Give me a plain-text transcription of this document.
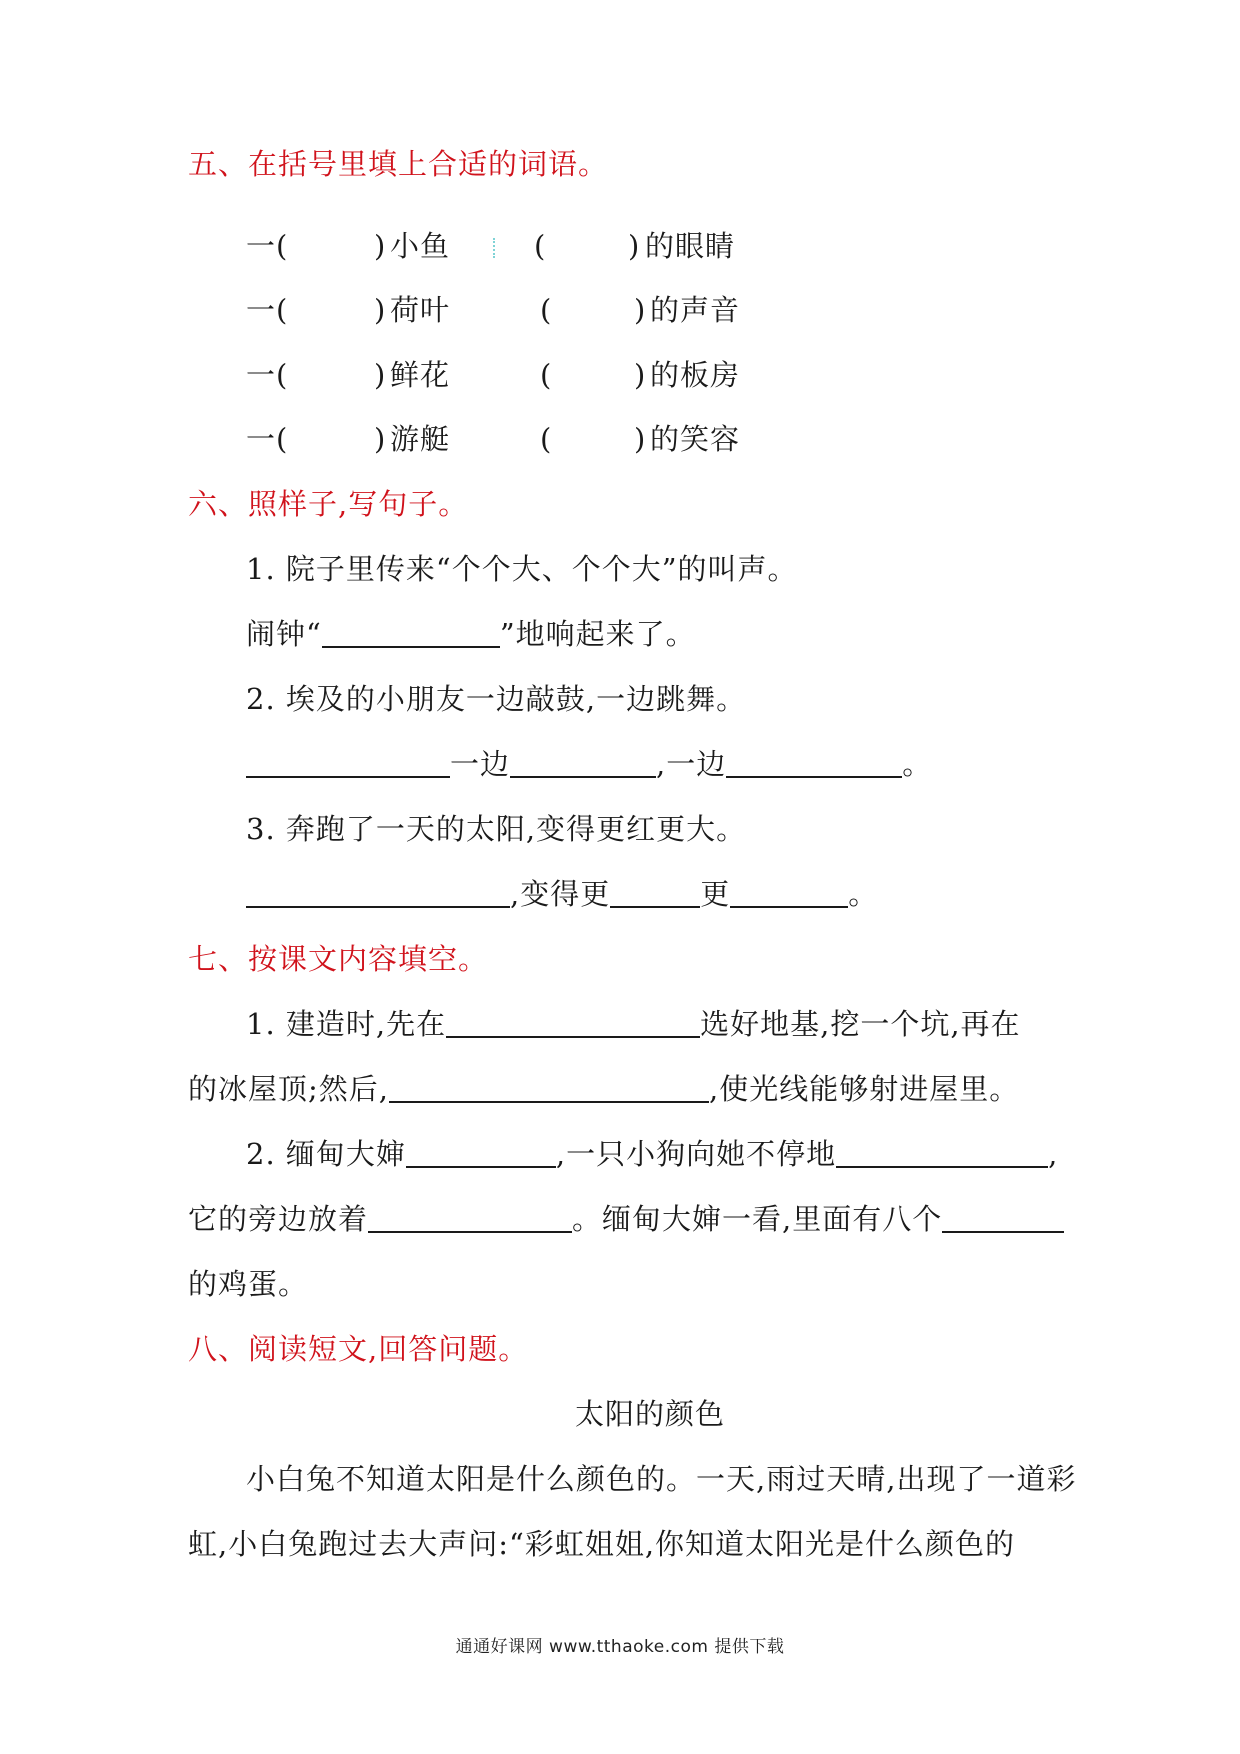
五、在括号里填上合适的词语。
一(	) 小鱼	(	) 的眼睛
一(	) 荷叶	(	) 的声音
一(	) 鲜花	(	) 的板房
一(	) 游艇	(	) 的笑容
六、照样子,写句子。
1. 院子里传来“个个大、个个大”的叫声。
闹钟“	”地响起来了。
2. 埃及的小朋友一边敲鼓,一边跳舞。
一边	,一边	。
3. 奔跑了一天的太阳,变得更红更大。
,变得更	更	。
七、按课文内容填空。
1. 建造时,先在	选好地基,挖一个坑,再在
的冰屋顶;然后,	,使光线能够射进屋里。
2. 缅甸大婶	,一只小狗向她不停地	,
它的旁边放着	。缅甸大婶一看,里面有八个
的鸡蛋。
八、阅读短文,回答问题。
太阳的颜色
小白兔不知道太阳是什么颜色的。一天,雨过天晴,出现了一道彩
虹,小白兔跑过去大声问:“彩虹姐姐,你知道太阳光是什么颜色的
通通好课网 www.tthaoke.com 提供下载
